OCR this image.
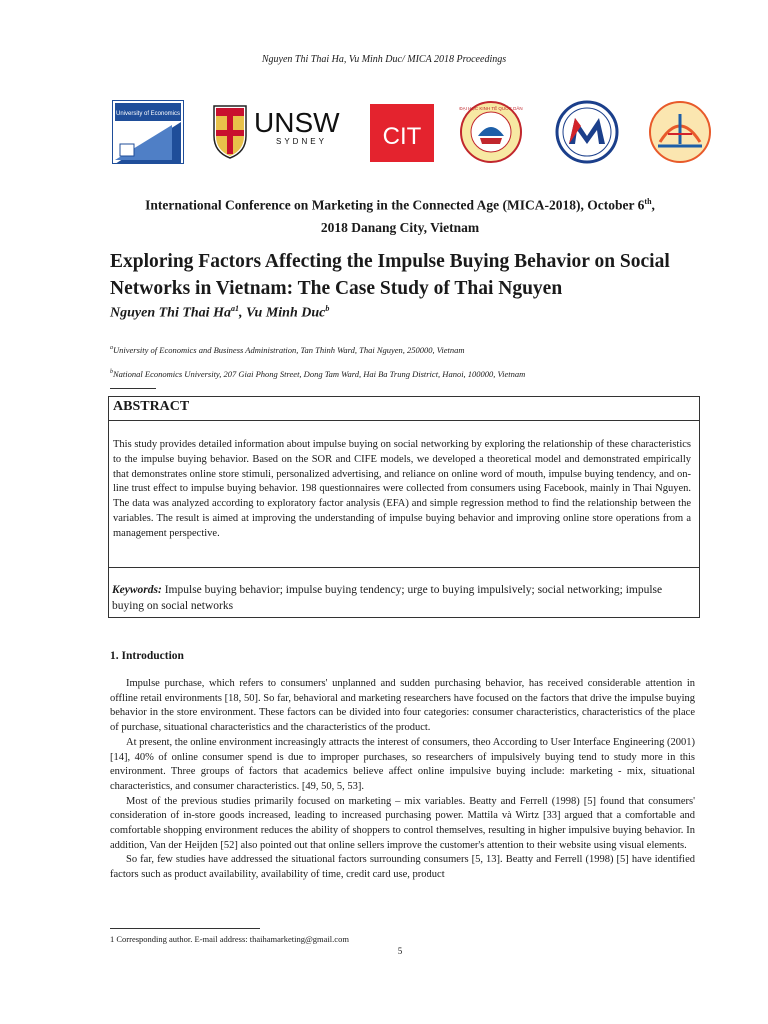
Nguyen Thi Thai Ha, Vu Minh Duc/ MICA 2018 Proceedings
University of Economics	UNSW
SYDNEY CIT
ĐẠI HỌC KINH TẾ QUỐC DÂN
International Conference on Marketing in the Connected Age (MICA-2018), October 6th,
2018 Danang City, Vietnam
Exploring Factors Affecting the Impulse Buying Behavior on Social Networks in Vietnam: The Case Study of Thai Nguyen
Nguyen Thi Thai $Ha^{a1}$, Vu Minh Duc$^b$
$^a$University of Economics and Business Administration, Tan Thinh Ward, Thai Nguyen, 250000, Vietnam
$^b$National Economics University, 207 Giai Phong Street, Dong Tam Ward, Hai Ba Trung District, Hanoi, 100000, Vietnam
ABSTRACT
This study provides detailed information about impulse buying on social networking by exploring the relationship of these characteristics to the impulse buying behavior. Based on the SOR and CIFE models, we developed a theoretical model and demonstrated empirically that demonstrates online store stimuli, personalized advertising, and reliance on online word of mouth, impulse buying tendency, and on-line trust effect to impulse buying behavior. 198 questionnaires were collected from consumers using Facebook, mainly in Thai Nguyen. The data was analyzed according to exploratory factor analysis (EFA) and simple regression method to find the relationship between the variables. The result is aimed at improving the understanding of impulse buying behavior and improving online store operations from a management perspective.
Keywords: Impulse buying behavior; impulse buying tendency; urge to buying impulsively; social networking; impulse buying on social networks
1. Introduction

Impulse purchase, which refers to consumers' unplanned and sudden purchasing behavior, has received considerable attention in offline retail environments [18, 50]. So far, behavioral and marketing researchers have focused on the factors that drive the impulse buying behavior in the store environment. These factors can be divided into four categories: consumer characteristics, characteristics of the place of purchase, situational characteristics and the characteristics of the product.

At present, the online environment increasingly attracts the interest of consumers, theo According to User Interface Engineering (2001) [14], 40% of online consumer spend is due to improper purchases, so researchers of impulsively buying tend to study more in this environment. Three groups of factors that academics believe affect online impulsive buying include: marketing - mix, situational characteristics, and consumer characteristics. [49, 50, 5, 53].

Most of the previous studies primarily focused on marketing – mix variables. Beatty and Ferrell (1998) [5] found that consumers' consideration of in-store goods increased, leading to increased purchasing power. Mattila và Wirtz [33] argued that a comfortable and comfortable shopping environment reduces the ability of shoppers to control themselves, resulting in higher impulsive buying behavior. In addition, Van der Heijden [52] also pointed out that online sellers improve the customer's attention to their website using visual elements.

So far, few studies have addressed the situational factors surrounding consumers [5, 13]. Beatty and Ferrell (1998) [5] have identified factors such as product availability, availability of time, credit card use, product

1 Corresponding author. E-mail address: thaihamarketing@gmail.com
5
